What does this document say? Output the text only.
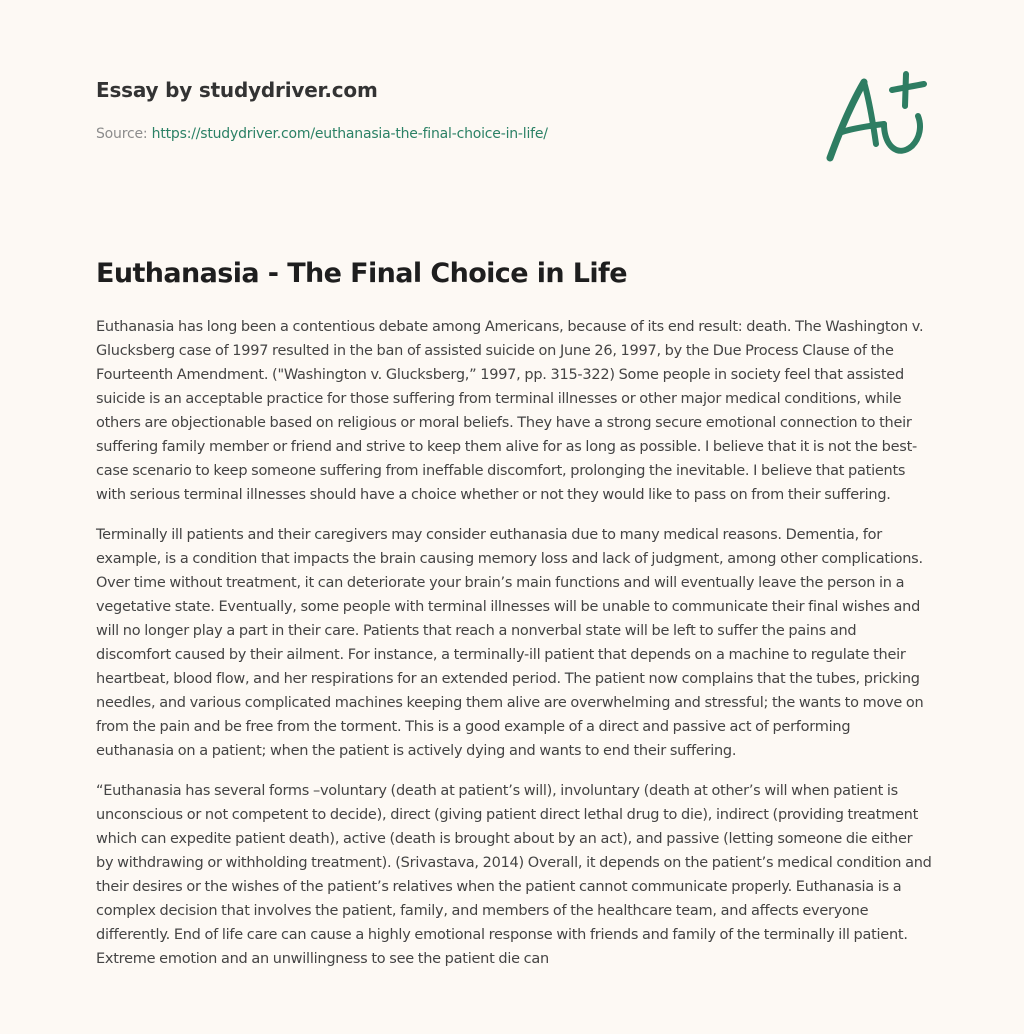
Essay by studydriver.com
Source: https://studydriver.com/euthanasia-the-final-choice-in-life/
Euthanasia - The Final Choice in Life

Euthanasia has long been a contentious debate among Americans, because of its end result: death. The Washington v. Glucksberg case of 1997 resulted in the ban of assisted suicide on June 26, 1997, by the Due Process Clause of the Fourteenth Amendment. ("Washington v. Glucksberg,” 1997, pp. 315-322) Some people in society feel that assisted suicide is an acceptable practice for those suffering from terminal illnesses or other major medical conditions, while others are objectionable based on religious or moral beliefs. They have a strong secure emotional connection to their suffering family member or friend and strive to keep them alive for as long as possible. I believe that it is not the best-case scenario to keep someone suffering from ineffable discomfort, prolonging the inevitable. I believe that patients with serious terminal illnesses should have a choice whether or not they would like to pass on from their suffering.

Terminally ill patients and their caregivers may consider euthanasia due to many medical reasons. Dementia, for example, is a condition that impacts the brain causing memory loss and lack of judgment, among other complications. Over time without treatment, it can deteriorate your brain’s main functions and will eventually leave the person in a vegetative state. Eventually, some people with terminal illnesses will be unable to communicate their final wishes and will no longer play a part in their care. Patients that reach a nonverbal state will be left to suffer the pains and discomfort caused by their ailment. For instance, a terminally-ill patient that depends on a machine to regulate their heartbeat, blood flow, and her respirations for an extended period. The patient now complains that the tubes, pricking needles, and various complicated machines keeping them alive are overwhelming and stressful; the wants to move on from the pain and be free from the torment. This is a good example of a direct and passive act of performing euthanasia on a patient; when the patient is actively dying and wants to end their suffering.

“Euthanasia has several forms –voluntary (death at patient’s will), involuntary (death at other’s will when patient is unconscious or not competent to decide), direct (giving patient direct lethal drug to die), indirect (providing treatment which can expedite patient death), active (death is brought about by an act), and passive (letting someone die either by withdrawing or withholding treatment). (Srivastava, 2014) Overall, it depends on the patient’s medical condition and their desires or the wishes of the patient’s relatives when the patient cannot communicate properly. Euthanasia is a complex decision that involves the patient, family, and members of the healthcare team, and affects everyone differently. End of life care can cause a highly emotional response with friends and family of the terminally ill patient. Extreme emotion and an unwillingness to see the patient die can
